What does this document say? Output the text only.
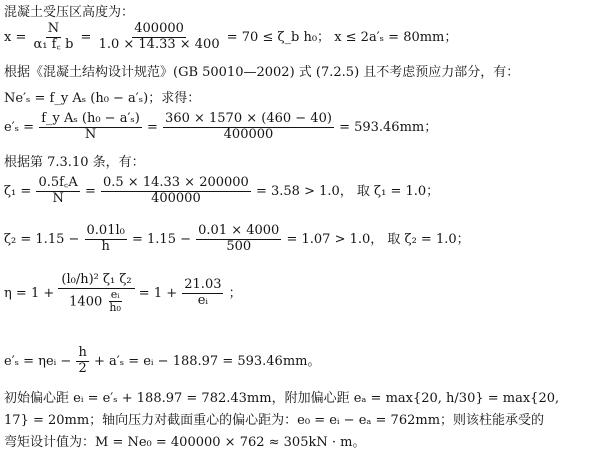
混凝土受压区高度为：
$x = \frac{N}{\text{α₁ f꜀ b}} = \frac{400000}{1.0 \times 14.33 \times 400} = 70$ ≤ ζ_b h₀； x ≤ 2a′ₛ = 80mm；
根据《混凝土结构设计规范》(GB 50010—2002) 式 (7.2.5) 且不考虑预应力部分，有：
Ne′ₛ = f_y Aₛ (h₀ − a′ₛ)；求得：
$e'_s = \frac{\text{f\_y Aₛ (h₀ − a′ₛ)}}{N} = \frac{360 \times 1570 \times (460 - 40)}{400000} = 593.46mm$；
根据第 7.3.10 条，有：
$\zeta_1 = \frac{0.5f꜀A}{N} = \frac{0.5 \times 14.33 \times 200000}{400000} = 3.58 > 1.0$， 取 ζ₁ = 1.0；
$\zeta_2 = 1.15 - \frac{\text{0.01l₀}}{h} = 1.15 - \frac{0.01 \times 4000}{500} = 1.07 > 1.0$， 取 ζ₂ = 1.0；
$\eta = 1 + \frac{\text{(l₀/h)² ζ₁ ζ₂}}{1400 \frac{\text{eᵢ}}{\text{h₀}}} = 1 + \frac{21.03}{\text{eᵢ}}$ ；
e′ₛ = ηeᵢ − $\frac{h}{2} + a'_s$ = eᵢ − 188.97 = 593.46mm。
初始偏心距 eᵢ = e′ₛ + 188.97 = 782.43mm，附加偏心距 eₐ = max{20, h/30} = max{20,
17} = 20mm；轴向压力对截面重心的偏心距为：e₀ = eᵢ − eₐ = 762mm；则该柱能承受的
弯矩设计值为：M = Ne₀ = 400000 × 762 ≈ 305kN · m。
